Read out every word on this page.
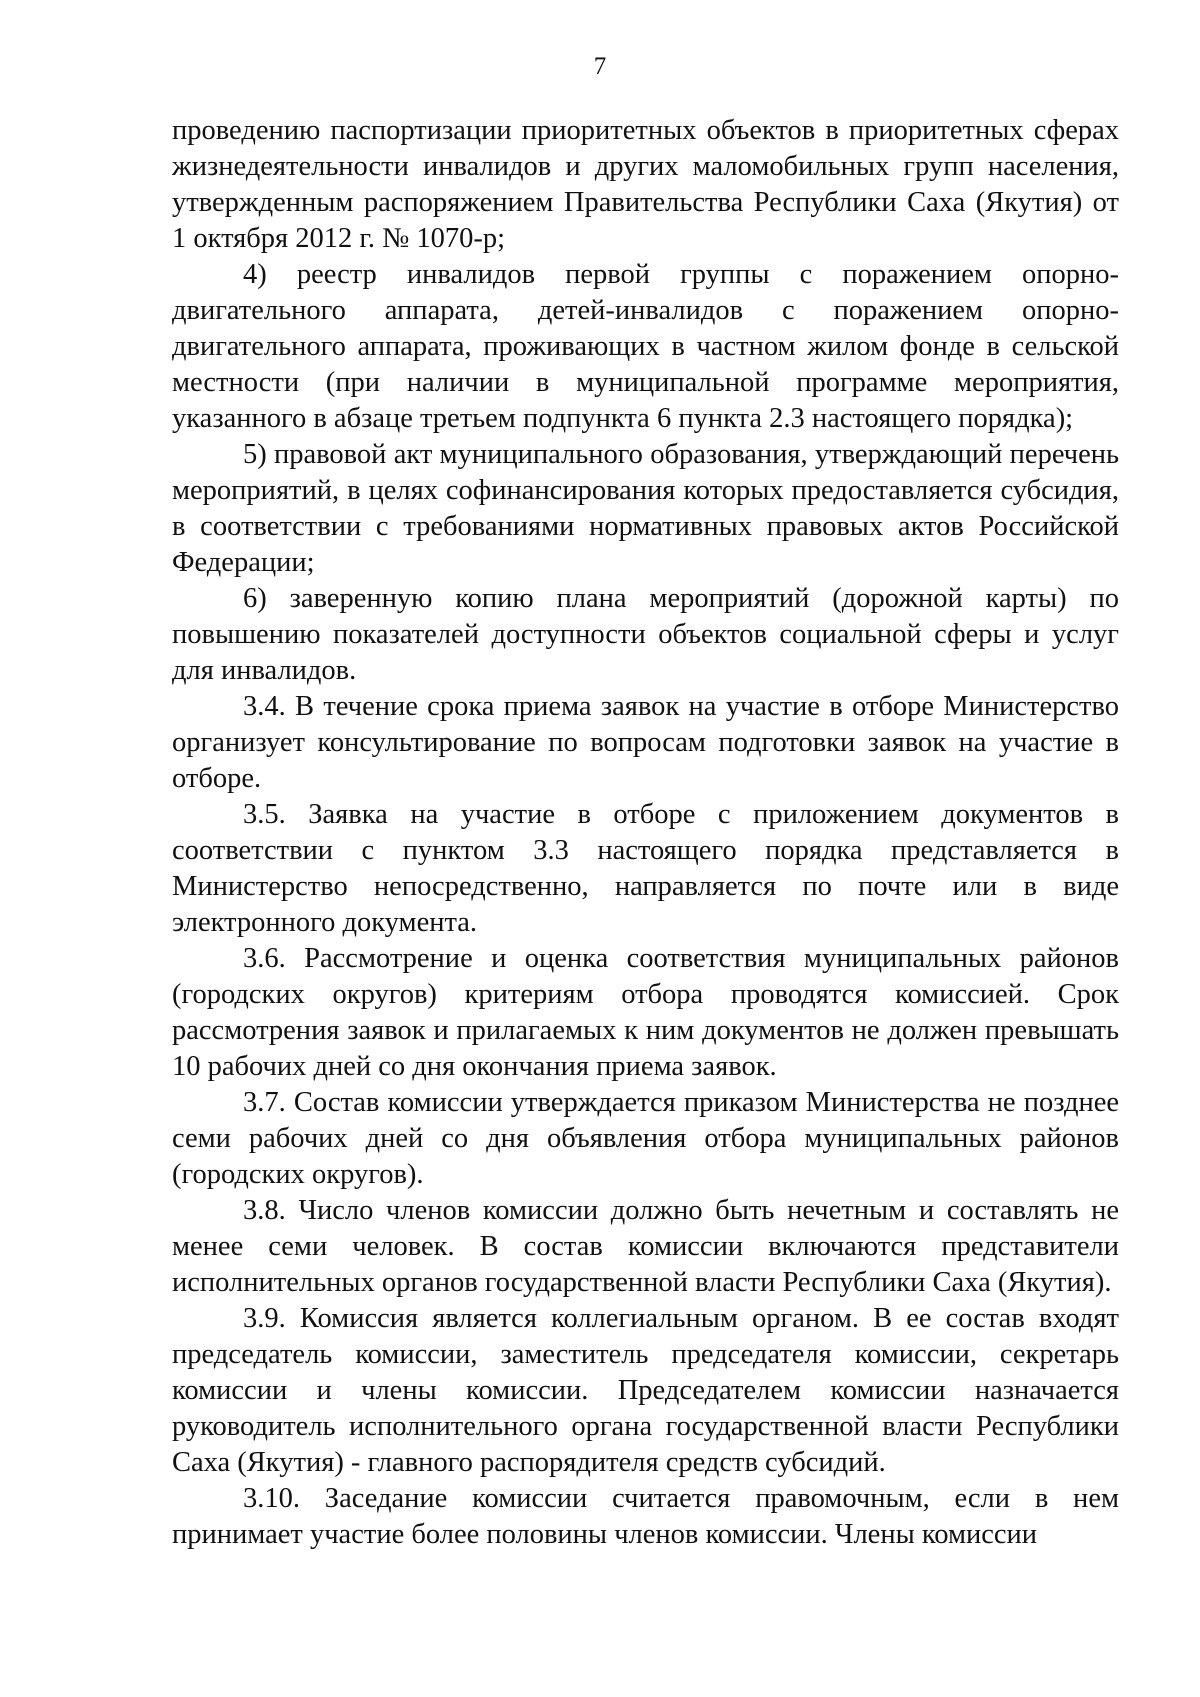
7

проведению паспортизации приоритетных объектов в приоритетных сферах жизнедеятельности инвалидов и других маломобильных групп населения, утвержденным распоряжением Правительства Республики Саха (Якутия) от 1 октября 2012 г. № 1070-р;

4) реестр инвалидов первой группы с поражением опорно-двигательного аппарата, детей-инвалидов с поражением опорно-двигательного аппарата, проживающих в частном жилом фонде в сельской местности (при наличии в муниципальной программе мероприятия, указанного в абзаце третьем подпункта 6 пункта 2.3 настоящего порядка);

5) правовой акт муниципального образования, утверждающий перечень мероприятий, в целях софинансирования которых предоставляется субсидия, в соответствии с требованиями нормативных правовых актов Российской Федерации;

6) заверенную копию плана мероприятий (дорожной карты) по повышению показателей доступности объектов социальной сферы и услуг для инвалидов.

3.4. В течение срока приема заявок на участие в отборе Министерство организует консультирование по вопросам подготовки заявок на участие в отборе.

3.5. Заявка на участие в отборе с приложением документов в соответствии с пунктом 3.3 настоящего порядка представляется в Министерство непосредственно, направляется по почте или в виде электронного документа.

3.6. Рассмотрение и оценка соответствия муниципальных районов (городских округов) критериям отбора проводятся комиссией. Срок рассмотрения заявок и прилагаемых к ним документов не должен превышать 10 рабочих дней со дня окончания приема заявок.

3.7. Состав комиссии утверждается приказом Министерства не позднее семи рабочих дней со дня объявления отбора муниципальных районов (городских округов).

3.8. Число членов комиссии должно быть нечетным и составлять не менее семи человек. В состав комиссии включаются представители исполнительных органов государственной власти Республики Саха (Якутия).

3.9. Комиссия является коллегиальным органом. В ее состав входят председатель комиссии, заместитель председателя комиссии, секретарь комиссии и члены комиссии. Председателем комиссии назначается руководитель исполнительного органа государственной власти Республики Саха (Якутия) - главного распорядителя средств субсидий.

3.10. Заседание комиссии считается правомочным, если в нем принимает участие более половины членов комиссии. Члены комиссии
